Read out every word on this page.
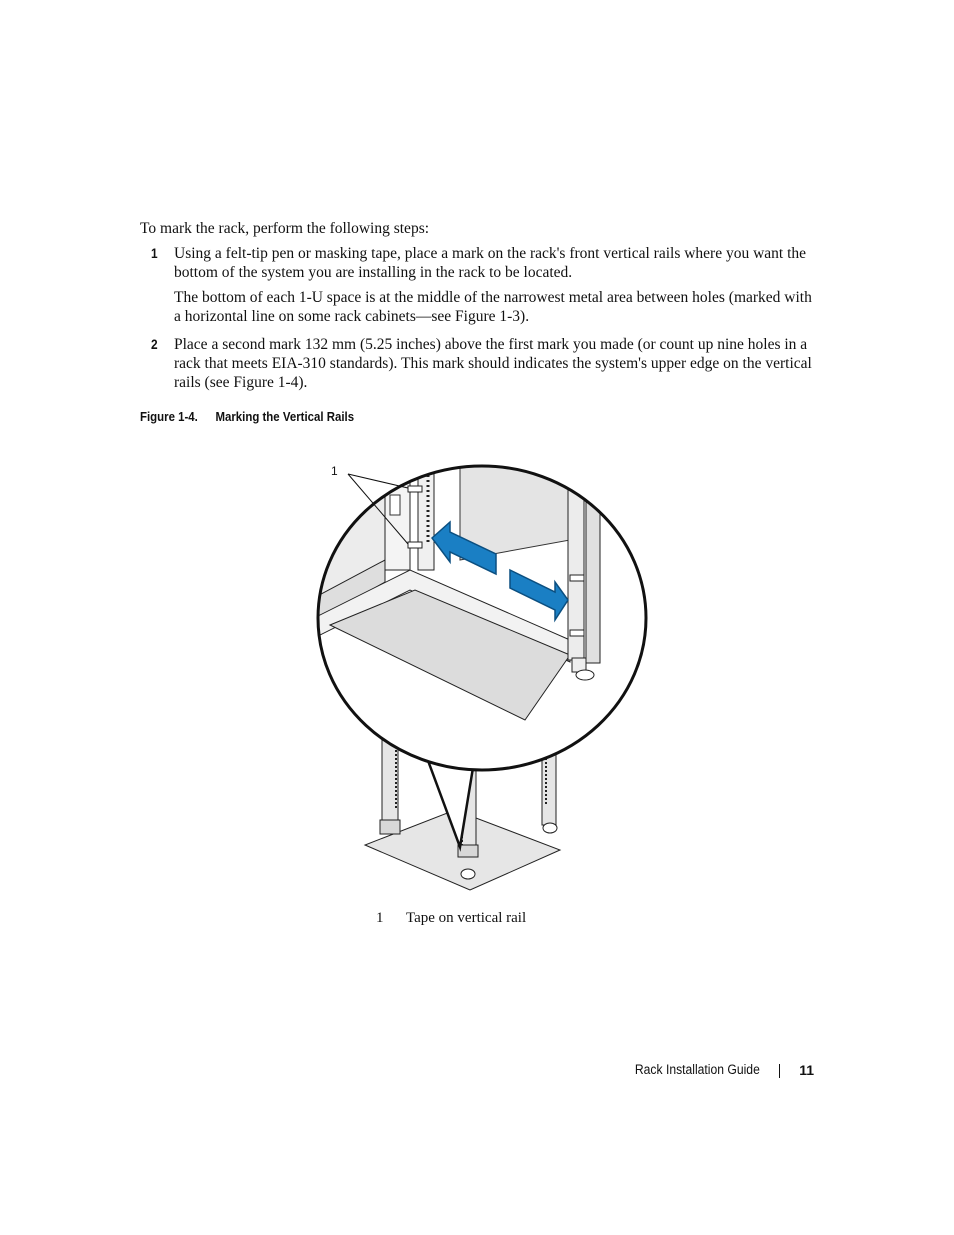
To mark the rack, perform the following steps:
1 Using a felt-tip pen or masking tape, place a mark on the rack's front vertical rails where you want the bottom of the system you are installing in the rack to be located.

The bottom of each 1-U space is at the middle of the narrowest metal area between holes (marked with a horizontal line on some rack cabinets—see Figure 1-3).

2 Place a second mark 132 mm (5.25 inches) above the first mark you made (or count up nine holes in a rack that meets EIA-310 standards). This mark should indicates the system's upper edge on the vertical rails (see Figure 1-4).

Figure 1-4. Marking the Vertical Rails
1
1 Tape on vertical rail
Rack Installation Guide	11
